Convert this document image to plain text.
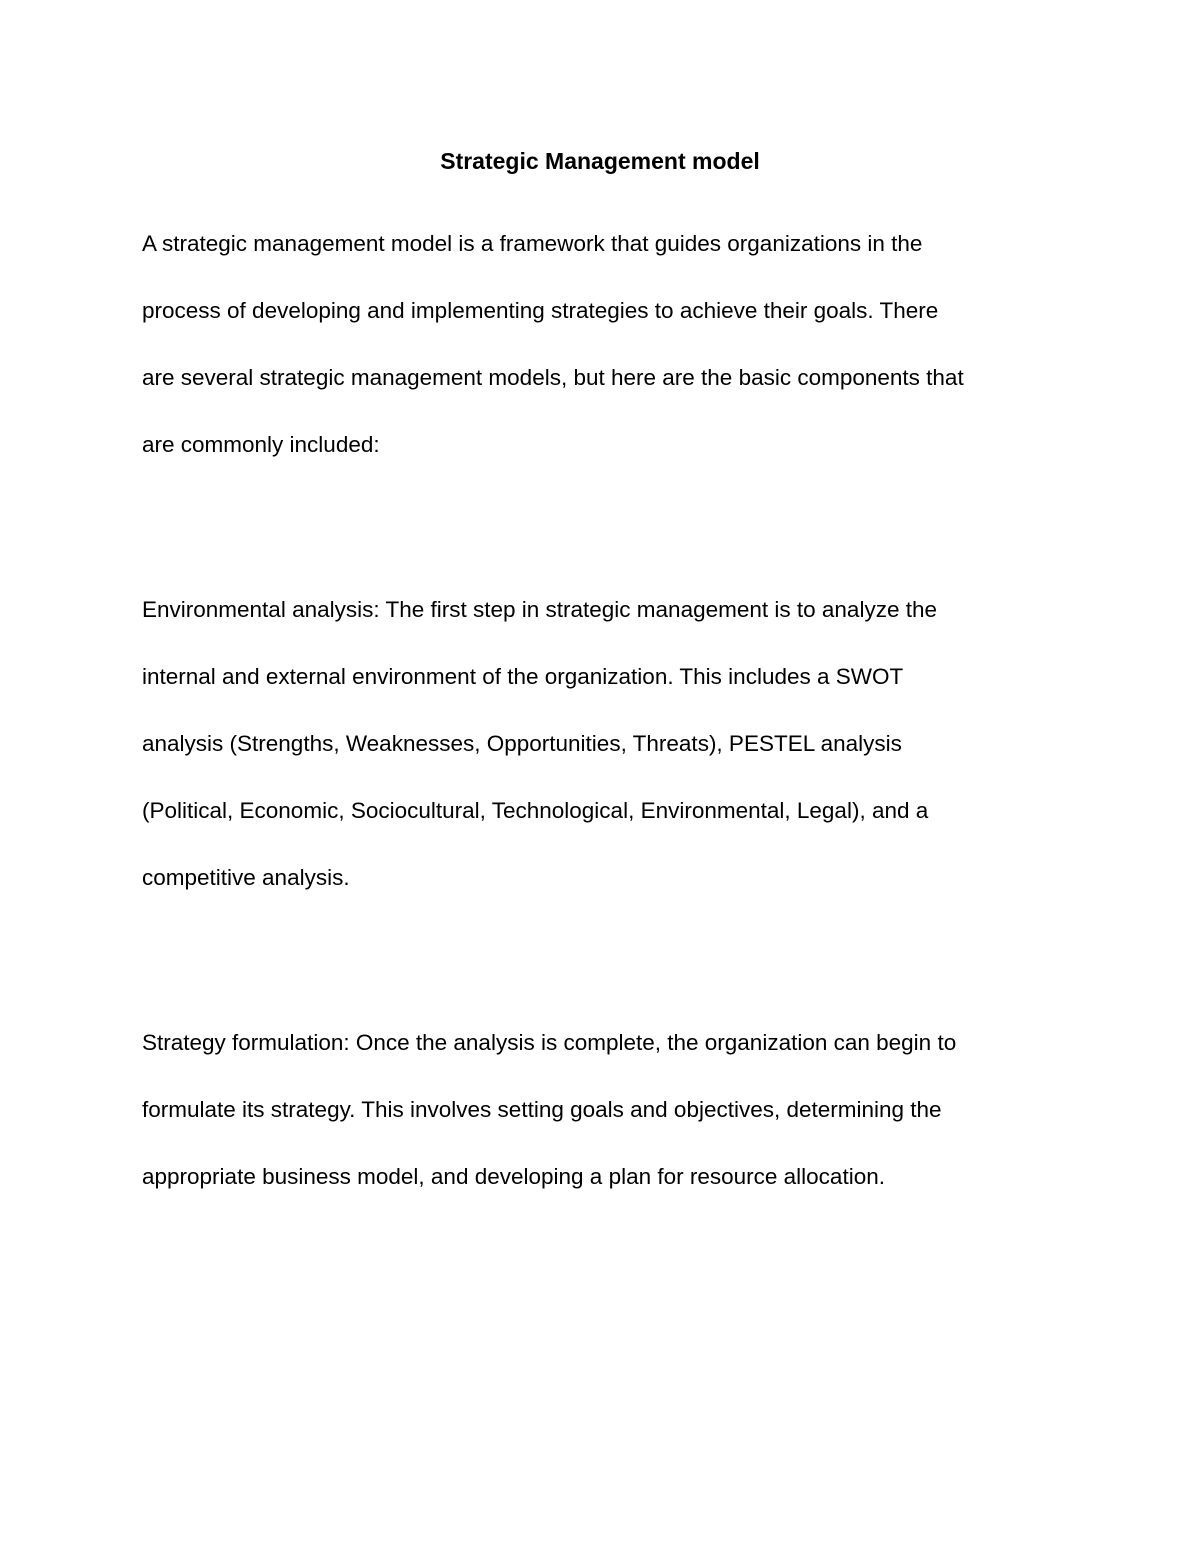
Strategic Management model

A strategic management model is a framework that guides organizations in the
process of developing and implementing strategies to achieve their goals. There
are several strategic management models, but here are the basic components that
are commonly included:

Environmental analysis: The first step in strategic management is to analyze the
internal and external environment of the organization. This includes a SWOT
analysis (Strengths, Weaknesses, Opportunities, Threats), PESTEL analysis
(Political, Economic, Sociocultural, Technological, Environmental, Legal), and a
competitive analysis.

Strategy formulation: Once the analysis is complete, the organization can begin to
formulate its strategy. This involves setting goals and objectives, determining the
appropriate business model, and developing a plan for resource allocation.
